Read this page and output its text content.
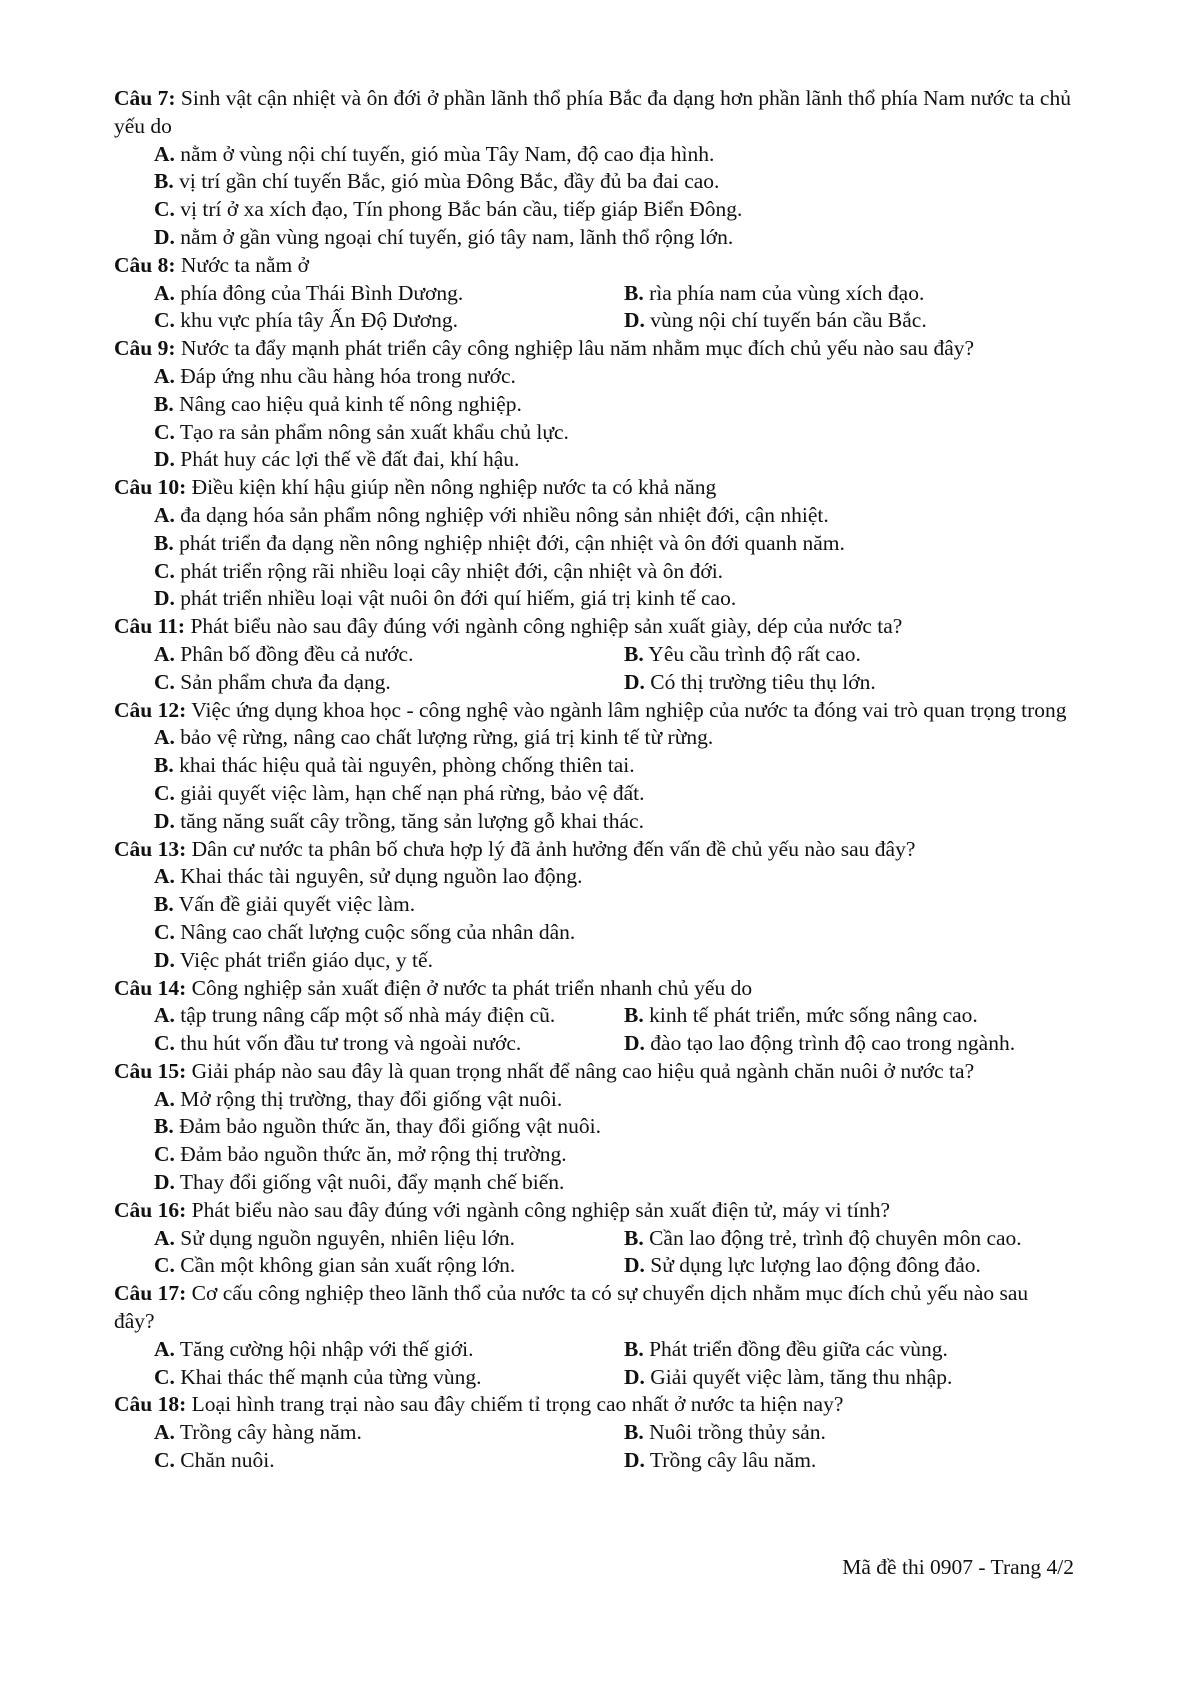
Câu 7: Sinh vật cận nhiệt và ôn đới ở phần lãnh thổ phía Bắc đa dạng hơn phần lãnh thổ phía Nam nước ta chủ yếu do

A. nằm ở vùng nội chí tuyến, gió mùa Tây Nam, độ cao địa hình.

B. vị trí gần chí tuyến Bắc, gió mùa Đông Bắc, đầy đủ ba đai cao.

C. vị trí ở xa xích đạo, Tín phong Bắc bán cầu, tiếp giáp Biển Đông.

D. nằm ở gần vùng ngoại chí tuyến, gió tây nam, lãnh thổ rộng lớn.

Câu 8: Nước ta nằm ở

A. phía đông của Thái Bình Dương.	B. rìa phía nam của vùng xích đạo.
C. khu vực phía tây Ấn Độ Dương.	D. vùng nội chí tuyến bán cầu Bắc.

Câu 9: Nước ta đẩy mạnh phát triển cây công nghiệp lâu năm nhằm mục đích chủ yếu nào sau đây?

A. Đáp ứng nhu cầu hàng hóa trong nước.

B. Nâng cao hiệu quả kinh tế nông nghiệp.

C. Tạo ra sản phẩm nông sản xuất khẩu chủ lực.

D. Phát huy các lợi thế về đất đai, khí hậu.

Câu 10: Điều kiện khí hậu giúp nền nông nghiệp nước ta có khả năng

A. đa dạng hóa sản phẩm nông nghiệp với nhiều nông sản nhiệt đới, cận nhiệt.

B. phát triển đa dạng nền nông nghiệp nhiệt đới, cận nhiệt và ôn đới quanh năm.

C. phát triển rộng rãi nhiều loại cây nhiệt đới, cận nhiệt và ôn đới.

D. phát triển nhiều loại vật nuôi ôn đới quí hiếm, giá trị kinh tế cao.

Câu 11: Phát biểu nào sau đây đúng với ngành công nghiệp sản xuất giày, dép của nước ta?

A. Phân bố đồng đều cả nước.	B. Yêu cầu trình độ rất cao.
C. Sản phẩm chưa đa dạng.	D. Có thị trường tiêu thụ lớn.

Câu 12: Việc ứng dụng khoa học - công nghệ vào ngành lâm nghiệp của nước ta đóng vai trò quan trọng trong

A. bảo vệ rừng, nâng cao chất lượng rừng, giá trị kinh tế từ rừng.

B. khai thác hiệu quả tài nguyên, phòng chống thiên tai.

C. giải quyết việc làm, hạn chế nạn phá rừng, bảo vệ đất.

D. tăng năng suất cây trồng, tăng sản lượng gỗ khai thác.

Câu 13: Dân cư nước ta phân bố chưa hợp lý đã ảnh hưởng đến vấn đề chủ yếu nào sau đây?

A. Khai thác tài nguyên, sử dụng nguồn lao động.

B. Vấn đề giải quyết việc làm.

C. Nâng cao chất lượng cuộc sống của nhân dân.

D. Việc phát triển giáo dục, y tế.

Câu 14: Công nghiệp sản xuất điện ở nước ta phát triển nhanh chủ yếu do

A. tập trung nâng cấp một số nhà máy điện cũ.	B. kinh tế phát triển, mức sống nâng cao.
C. thu hút vốn đầu tư trong và ngoài nước.	D. đào tạo lao động trình độ cao trong ngành.

Câu 15: Giải pháp nào sau đây là quan trọng nhất để nâng cao hiệu quả ngành chăn nuôi ở nước ta?

A. Mở rộng thị trường, thay đổi giống vật nuôi.

B. Đảm bảo nguồn thức ăn, thay đổi giống vật nuôi.

C. Đảm bảo nguồn thức ăn, mở rộng thị trường.

D. Thay đổi giống vật nuôi, đẩy mạnh chế biến.

Câu 16: Phát biểu nào sau đây đúng với ngành công nghiệp sản xuất điện tử, máy vi tính?

A. Sử dụng nguồn nguyên, nhiên liệu lớn.	B. Cần lao động trẻ, trình độ chuyên môn cao.
C. Cần một không gian sản xuất rộng lớn.	D. Sử dụng lực lượng lao động đông đảo.

Câu 17: Cơ cấu công nghiệp theo lãnh thổ của nước ta có sự chuyển dịch nhằm mục đích chủ yếu nào sau đây?

A. Tăng cường hội nhập với thế giới.	B. Phát triển đồng đều giữa các vùng.
C. Khai thác thế mạnh của từng vùng.	D. Giải quyết việc làm, tăng thu nhập.

Câu 18: Loại hình trang trại nào sau đây chiếm tỉ trọng cao nhất ở nước ta hiện nay?

A. Trồng cây hàng năm.	B. Nuôi trồng thủy sản.
C. Chăn nuôi.	D. Trồng cây lâu năm.
Mã đề thi 0907 - Trang 4/2
